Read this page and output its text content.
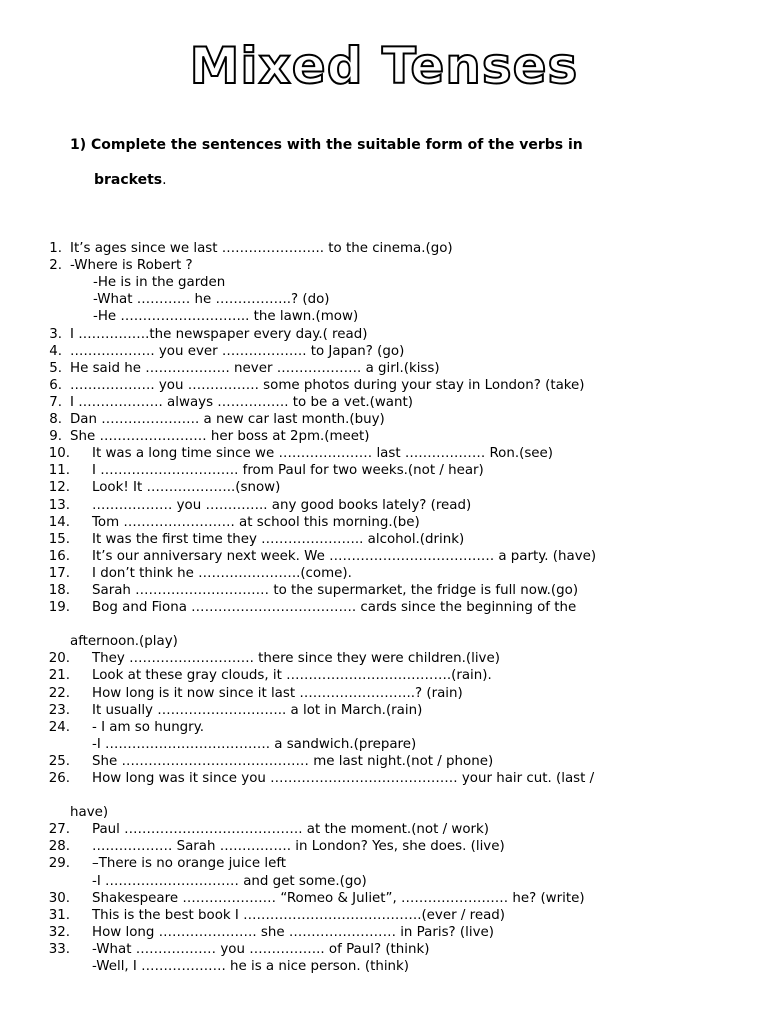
Mixed Tenses
1) Complete the sentences with the suitable form of the verbs in
brackets.
1. It’s ages since we last ………………….. to the cinema.(go)
2. -Where is Robert ?
-He is in the garden
-What ………… he ……………..? (do)
-He ……………………….. the lawn.(mow)
3. I …………….the newspaper every day.( read)
4. ………………. you ever ………………. to Japan? (go)
5. He said he ………………. never ………………. a girl.(kiss)
6. ………………. you ……………. some photos during your stay in London? (take)
7. I ………………. always ……………. to be a vet.(want)
8. Dan …………………. a new car last month.(buy)
9. She …………………… her boss at 2pm.(meet)
10. It was a long time since we ………………… last ……………… Ron.(see)
11. I …………………………. from Paul for two weeks.(not / hear)
12. Look! It ………………..(snow)
13. ……………… you ………….. any good books lately? (read)
14. Tom ……………………. at school this morning.(be)
15. It was the first time they ………………….. alcohol.(drink)
16. It’s our anniversary next week. We ………………………………. a party. (have)
17. I don’t think he …………………..(come).
18. Sarah ………………………… to the supermarket, the fridge is full now.(go)
19. Bog and Fiona ………………………………. cards since the beginning of the
afternoon.(play)
20. They ………………………. there since they were children.(live)
21. Look at these gray clouds, it ……………………………….(rain).
22. How long is it now since it last ……………………..? (rain)
23. It usually ……………………….. a lot in March.(rain)
24. - I am so hungry.
-I ………………………………. a sandwich.(prepare)
25. She …………………………………… me last night.(not / phone)
26. How long was it since you …………………………………… your hair cut. (last /
have)
27. Paul …………………………………. at the moment.(not / work)
28. ……………… Sarah ……………. in London? Yes, she does. (live)
29. –There is no orange juice left
-I ………………………… and get some.(go)
30. Shakespeare ………………… “Romeo & Juliet”, …………………… he? (write)
31. This is the best book I ………………………………….(ever / read)
32. How long …………………. she …………………… in Paris? (live)
33. -What ……………… you …………….. of Paul? (think)
-Well, I ………………. he is a nice person. (think)
